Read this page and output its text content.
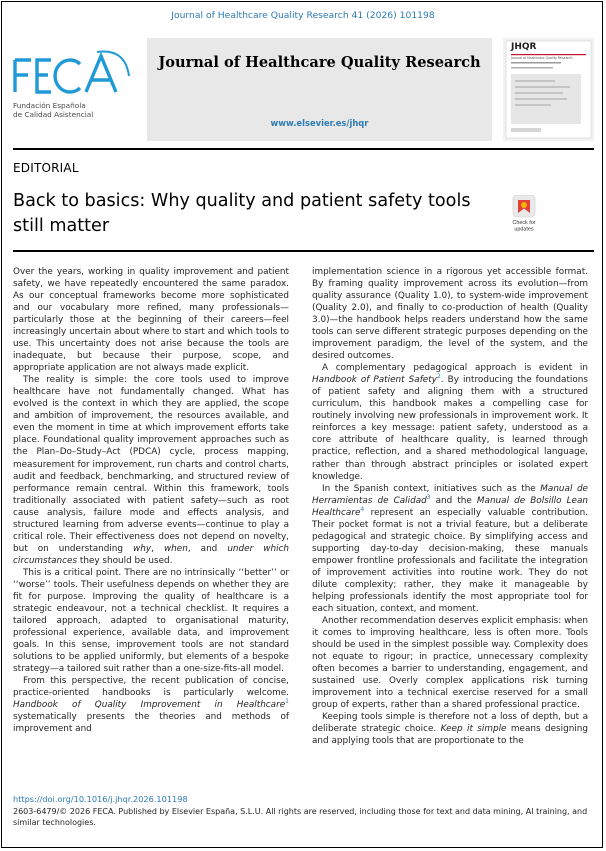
Journal of Healthcare Quality Research 41 (2026) 101198
Fundación Española
de Calidad Asistencial
Journal of Healthcare Quality Research
www.elsevier.es/jhqr
JHQR
Journal of Healthcare Quality Research
EDITORIAL
Back to basics: Why quality and patient safety tools still matter	Check for
updates

Over the years, working in quality improvement and patient safety, we have repeatedly encountered the same paradox. As our conceptual frameworks become more sophisticated and our vocabulary more refined, many professionals—particularly those at the beginning of their careers—feel increasingly uncertain about where to start and which tools to use. This uncertainty does not arise because the tools are inadequate, but because their purpose, scope, and appropriate application are not always made explicit.

The reality is simple: the core tools used to improve healthcare have not fundamentally changed. What has evolved is the context in which they are applied, the scope and ambition of improvement, the resources available, and even the moment in time at which improvement efforts take place. Foundational quality improvement approaches such as the Plan–Do–Study–Act (PDCA) cycle, process mapping, measurement for improvement, run charts and control charts, audit and feedback, benchmarking, and structured review of performance remain central. Within this framework, tools traditionally associated with patient safety—such as root cause analysis, failure mode and effects analysis, and structured learning from adverse events—continue to play a critical role. Their effectiveness does not depend on novelty, but on understanding why, when, and under which circumstances they should be used.

This is a critical point. There are no intrinsically ‘‘better’’ or ‘‘worse’’ tools. Their usefulness depends on whether they are fit for purpose. Improving the quality of healthcare is a strategic endeavour, not a technical checklist. It requires a tailored approach, adapted to organisational maturity, professional experience, available data, and improvement goals. In this sense, improvement tools are not standard solutions to be applied uniformly, but elements of a bespoke strategy—a tailored suit rather than a one-size-fits-all model.

From this perspective, the recent publication of concise, practice-oriented handbooks is particularly welcome. Handbook of Quality Improvement in Healthcare$^1$ systematically presents the theories and methods of improvement and

implementation science in a rigorous yet accessible format. By framing quality improvement across its evolution—from quality assurance (Quality 1.0), to system-wide improvement (Quality 2.0), and finally to co-production of health (Quality 3.0)—the handbook helps readers understand how the same tools can serve different strategic purposes depending on the improvement paradigm, the level of the system, and the desired outcomes.

A complementary pedagogical approach is evident in Handbook of Patient Safety$^2$. By introducing the foundations of patient safety and aligning them with a structured curriculum, this handbook makes a compelling case for routinely involving new professionals in improvement work. It reinforces a key message: patient safety, understood as a core attribute of healthcare quality, is learned through practice, reflection, and a shared methodological language, rather than through abstract principles or isolated expert knowledge.

In the Spanish context, initiatives such as the Manual de Herramientas de Calidad$^3$ and the Manual de Bolsillo Lean Healthcare$^4$ represent an especially valuable contribution. Their pocket format is not a trivial feature, but a deliberate pedagogical and strategic choice. By simplifying access and supporting day-to-day decision-making, these manuals empower frontline professionals and facilitate the integration of improvement activities into routine work. They do not dilute complexity; rather, they make it manageable by helping professionals identify the most appropriate tool for each situation, context, and moment.

Another recommendation deserves explicit emphasis: when it comes to improving healthcare, less is often more. Tools should be used in the simplest possible way. Complexity does not equate to rigour; in practice, unnecessary complexity often becomes a barrier to understanding, engagement, and sustained use. Overly complex applications risk turning improvement into a technical exercise reserved for a small group of experts, rather than a shared professional practice.

Keeping tools simple is therefore not a loss of depth, but a deliberate strategic choice. Keep it simple means designing and applying tools that are proportionate to the

https://doi.org/10.1016/j.jhqr.2026.101198
2603-6479/© 2026 FECA. Published by Elsevier España, S.L.U. All rights are reserved, including those for text and data mining, AI training, and similar technologies.
